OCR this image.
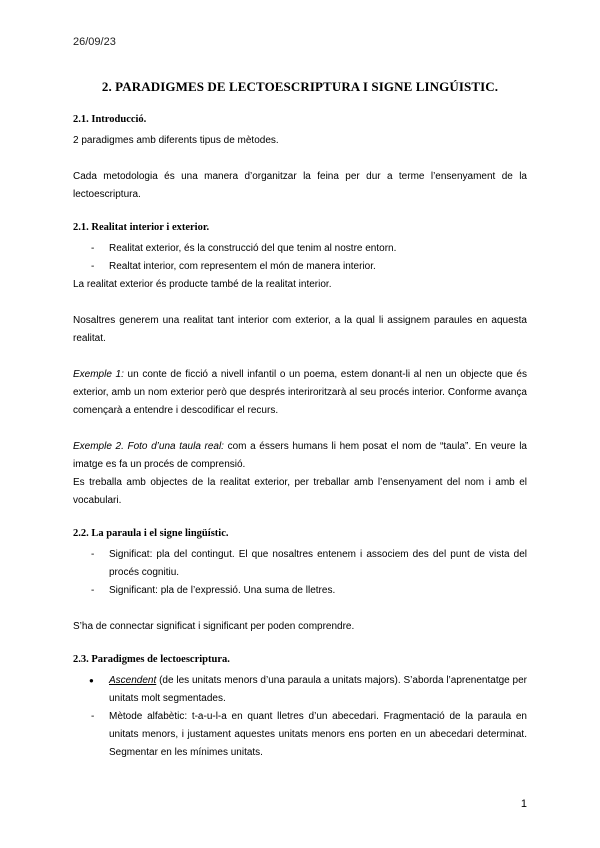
26/09/23
2. PARADIGMES DE LECTOESCRIPTURA I SIGNE LINGÚISTIC.

2.1. Introducció.

2 paradigmes amb diferents tipus de mètodes.

Cada metodologia és una manera d’organitzar la feina per dur a terme l’ensenyament de la lectoescriptura.

2.1. Realitat interior i exterior.

- Realitat exterior, és la construcció del que tenim al nostre entorn.
- Realtat interior, com representem el món de manera interior.

La realitat exterior és producte també de la realitat interior.

Nosaltres generem una realitat tant interior com exterior, a la qual li assignem paraules en aquesta realitat.

Exemple 1: un conte de ficció a nivell infantil o un poema, estem donant-li al nen un objecte que és exterior, amb un nom exterior però que després interiroritzarà al seu procés interior. Conforme avança començarà a entendre i descodificar el recurs.

Exemple 2. Foto d’una taula real: com a éssers humans li hem posat el nom de “taula”. En veure la imatge es fa un procés de comprensió.

Es treballa amb objectes de la realitat exterior, per treballar amb l’ensenyament del nom i amb el vocabulari.

2.2. La paraula i el signe lingüístic.

- Significat: pla del contingut. El que nosaltres entenem i associem des del punt de vista del procés cognitiu.
- Significant: pla de l’expressió. Una suma de lletres.

S’ha de connectar significat i significant per poden comprendre.

2.3. Paradigmes de lectoescriptura.

● Ascendent (de les unitats menors d’una paraula a unitats majors). S’aborda l’aprenentatge per unitats molt segmentades.
- Mètode alfabètic: t-a-u-l-a en quant lletres d’un abecedari. Fragmentació de la paraula en unitats menors, i justament aquestes unitats menors ens porten en un abecedari determinat. Segmentar en les mínimes unitats.
1
